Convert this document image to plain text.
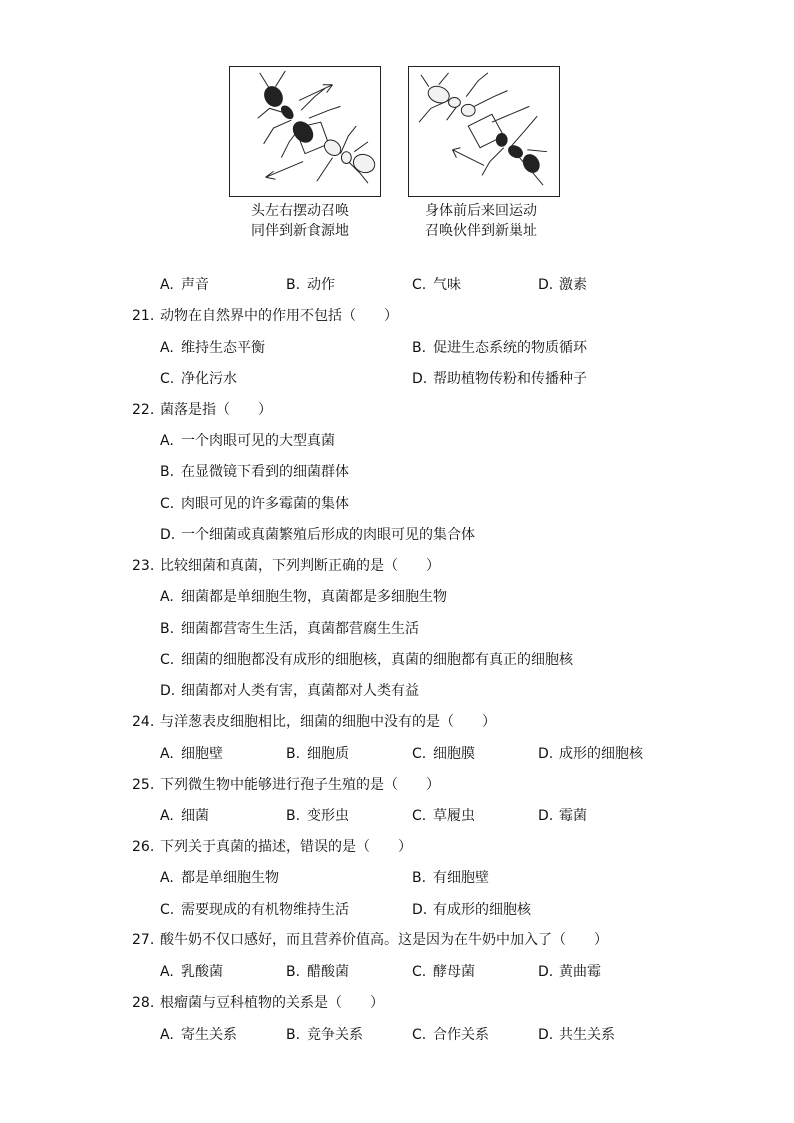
头左右摆动召唤
同伴到新食源地
身体前后来回运动
召唤伙伴到新巢址
A. 声音	B. 动作	C. 气味	D. 激素
21. 动物在自然界中的作用不包括（　　）
A. 维持生态平衡	B. 促进生态系统的物质循环
C. 净化污水	D. 帮助植物传粉和传播种子
22. 菌落是指（　　）
A. 一个肉眼可见的大型真菌
B. 在显微镜下看到的细菌群体
C. 肉眼可见的许多霉菌的集体
D. 一个细菌或真菌繁殖后形成的肉眼可见的集合体
23. 比较细菌和真菌，下列判断正确的是（　　）
A. 细菌都是单细胞生物，真菌都是多细胞生物
B. 细菌都营寄生生活，真菌都营腐生生活
C. 细菌的细胞都没有成形的细胞核，真菌的细胞都有真正的细胞核
D. 细菌都对人类有害，真菌都对人类有益
24. 与洋葱表皮细胞相比，细菌的细胞中没有的是（　　）
A. 细胞壁	B. 细胞质	C. 细胞膜	D. 成形的细胞核
25. 下列微生物中能够进行孢子生殖的是（　　）
A. 细菌	B. 变形虫	C. 草履虫	D. 霉菌
26. 下列关于真菌的描述，错误的是（　　）
A. 都是单细胞生物	B. 有细胞壁
C. 需要现成的有机物维持生活	D. 有成形的细胞核
27. 酸牛奶不仅口感好，而且营养价值高。这是因为在牛奶中加入了（　　）
A. 乳酸菌	B. 醋酸菌	C. 酵母菌	D. 黄曲霉
28. 根瘤菌与豆科植物的关系是（　　）
A. 寄生关系	B. 竞争关系	C. 合作关系	D. 共生关系
